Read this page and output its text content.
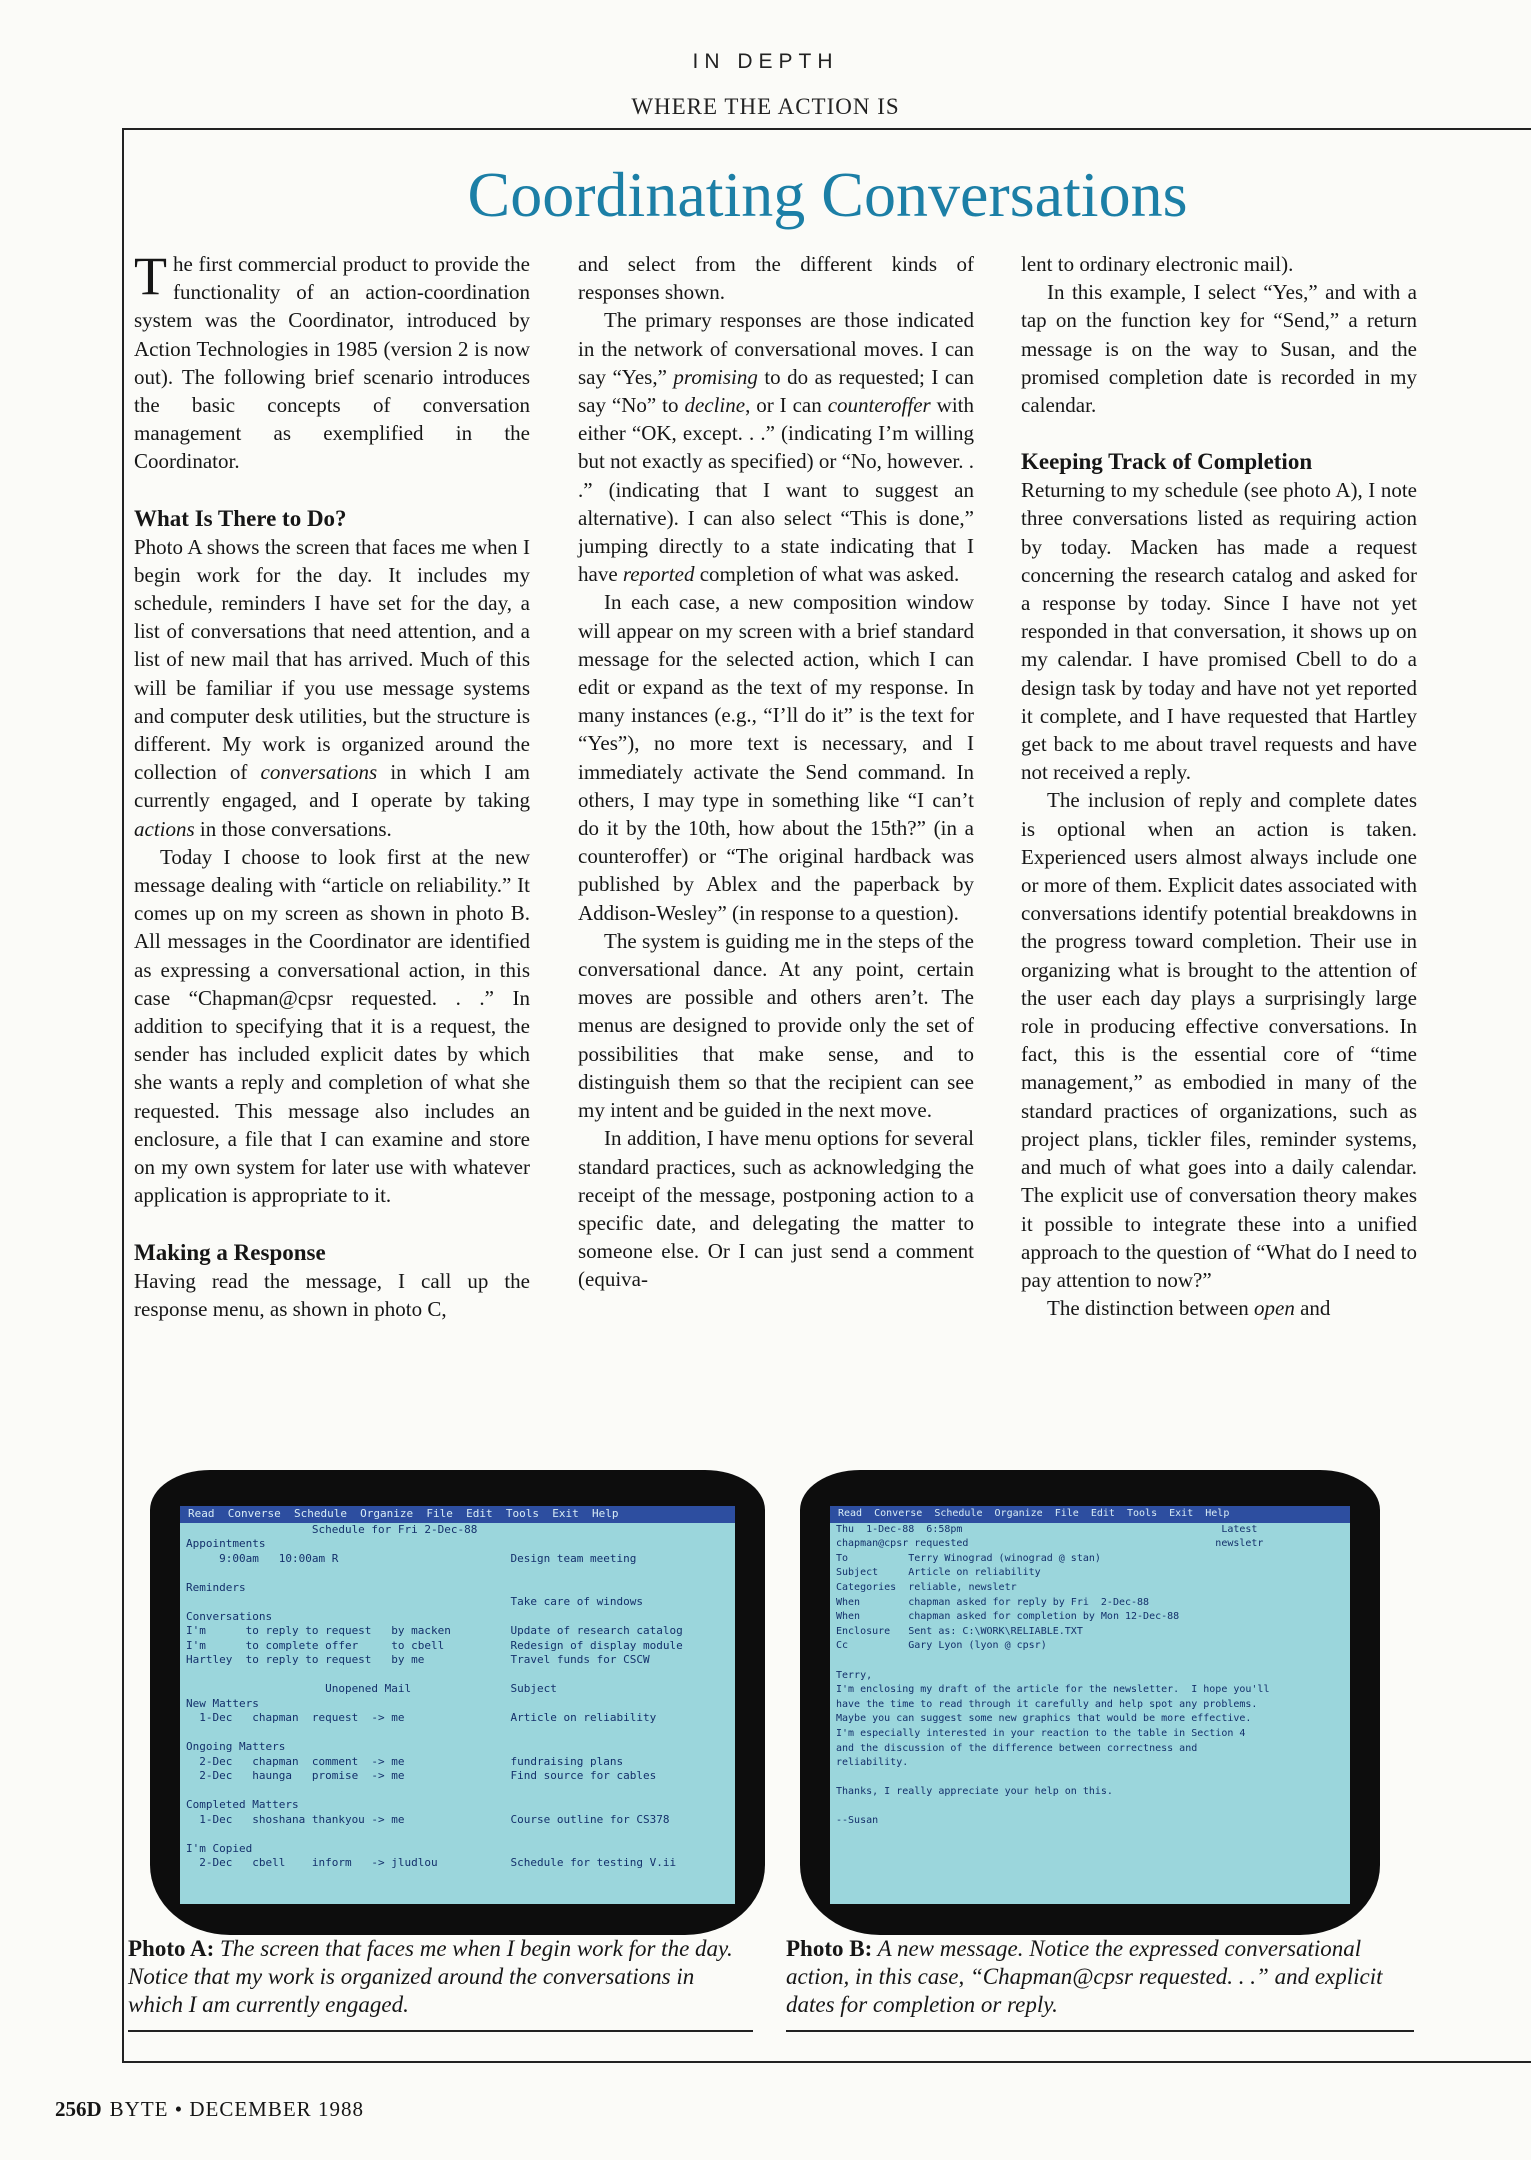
IN DEPTH
WHERE THE ACTION IS
Coordinating Conversations

The first commercial product to provide the functionality of an action-coordination system was the Coordinator, introduced by Action Technologies in 1985 (version 2 is now out). The following brief scenario introduces the basic concepts of conversation management as exemplified in the Coordinator.

What Is There to Do?

Photo A shows the screen that faces me when I begin work for the day. It includes my schedule, reminders I have set for the day, a list of conversations that need attention, and a list of new mail that has arrived. Much of this will be familiar if you use message systems and computer desk utilities, but the structure is different. My work is organized around the collection of conversations in which I am currently engaged, and I operate by taking actions in those conversations.

Today I choose to look first at the new message dealing with “article on reliability.” It comes up on my screen as shown in photo B. All messages in the Coordinator are identified as expressing a conversational action, in this case “Chapman@cpsr requested. . .” In addition to specifying that it is a request, the sender has included explicit dates by which she wants a reply and completion of what she requested. This message also includes an enclosure, a file that I can examine and store on my own system for later use with whatever application is appropriate to it.

Making a Response

Having read the message, I call up the response menu, as shown in photo C,

and select from the different kinds of responses shown.

The primary responses are those indicated in the network of conversational moves. I can say “Yes,” promising to do as requested; I can say “No” to decline, or I can counteroffer with either “OK, except. . .” (indicating I’m willing but not exactly as specified) or “No, however. . .” (indicating that I want to suggest an alternative). I can also select “This is done,” jumping directly to a state indicating that I have reported completion of what was asked.

In each case, a new composition window will appear on my screen with a brief standard message for the selected action, which I can edit or expand as the text of my response. In many instances (e.g., “I’ll do it” is the text for “Yes”), no more text is necessary, and I immediately activate the Send command. In others, I may type in something like “I can’t do it by the 10th, how about the 15th?” (in a counteroffer) or “The original hardback was published by Ablex and the paperback by Addison-Wesley” (in response to a question).

The system is guiding me in the steps of the conversational dance. At any point, certain moves are possible and others aren’t. The menus are designed to provide only the set of possibilities that make sense, and to distinguish them so that the recipient can see my intent and be guided in the next move.

In addition, I have menu options for several standard practices, such as acknowledging the receipt of the message, postponing action to a specific date, and delegating the matter to someone else. Or I can just send a comment (equiva-

lent to ordinary electronic mail).

In this example, I select “Yes,” and with a tap on the function key for “Send,” a return message is on the way to Susan, and the promised completion date is recorded in my calendar.

Keeping Track of Completion

Returning to my schedule (see photo A), I note three conversations listed as requiring action by today. Macken has made a request concerning the research catalog and asked for a response by today. Since I have not yet responded in that conversation, it shows up on my calendar. I have promised Cbell to do a design task by today and have not yet reported it complete, and I have requested that Hartley get back to me about travel requests and have not received a reply.

The inclusion of reply and complete dates is optional when an action is taken. Experienced users almost always include one or more of them. Explicit dates associated with conversations identify potential breakdowns in the progress toward completion. Their use in organizing what is brought to the attention of the user each day plays a surprisingly large role in producing effective conversations. In fact, this is the essential core of “time management,” as embodied in many of the standard practices of organizations, such as project plans, tickler files, reminder systems, and much of what goes into a daily calendar. The explicit use of conversation theory makes it possible to integrate these into a unified approach to the question of “What do I need to pay attention to now?”

The distinction between open and

Read  Converse  Schedule  Organize  File  Edit  Tools  Exit  Help
Schedule for Fri 2-Dec-88
Appointments
9:00am   10:00am R                          Design team meeting

Reminders
Take care of windows
Conversations
I'm      to reply to request   by macken         Update of research catalog
I'm      to complete offer     to cbell          Redesign of display module
Hartley  to reply to request   by me             Travel funds for CSCW

Unopened Mail               Subject
New Matters
1-Dec   chapman  request  -> me                Article on reliability

Ongoing Matters
2-Dec   chapman  comment  -> me                fundraising plans
2-Dec   haunga   promise  -> me                Find source for cables

Completed Matters
1-Dec   shoshana thankyou -> me                Course outline for CS378

I'm Copied
2-Dec   cbell    inform   -> jludlou           Schedule for testing V.ii
Photo A: The screen that faces me when I begin work for the day. Notice that my work is organized around the conversations in which I am currently engaged.
Read  Converse  Schedule  Organize  File  Edit  Tools  Exit  Help
Thu  1-Dec-88  6:58pm                                           Latest
chapman@cpsr requested                                         newsletr
To          Terry Winograd (winograd @ stan)
Subject     Article on reliability
Categories  reliable, newsletr
When        chapman asked for reply by Fri  2-Dec-88
When        chapman asked for completion by Mon 12-Dec-88
Enclosure   Sent as: C:\WORK\RELIABLE.TXT
Cc          Gary Lyon (lyon @ cpsr)

Terry,
I'm enclosing my draft of the article for the newsletter.  I hope you'll
have the time to read through it carefully and help spot any problems.
Maybe you can suggest some new graphics that would be more effective.
I'm especially interested in your reaction to the table in Section 4
and the discussion of the difference between correctness and
reliability.

Thanks, I really appreciate your help on this.

--Susan
Photo B: A new message. Notice the expressed conversational action, in this case, “Chapman@cpsr requested. . .” and explicit dates for completion or reply.
256D BYTE • DECEMBER 1988
